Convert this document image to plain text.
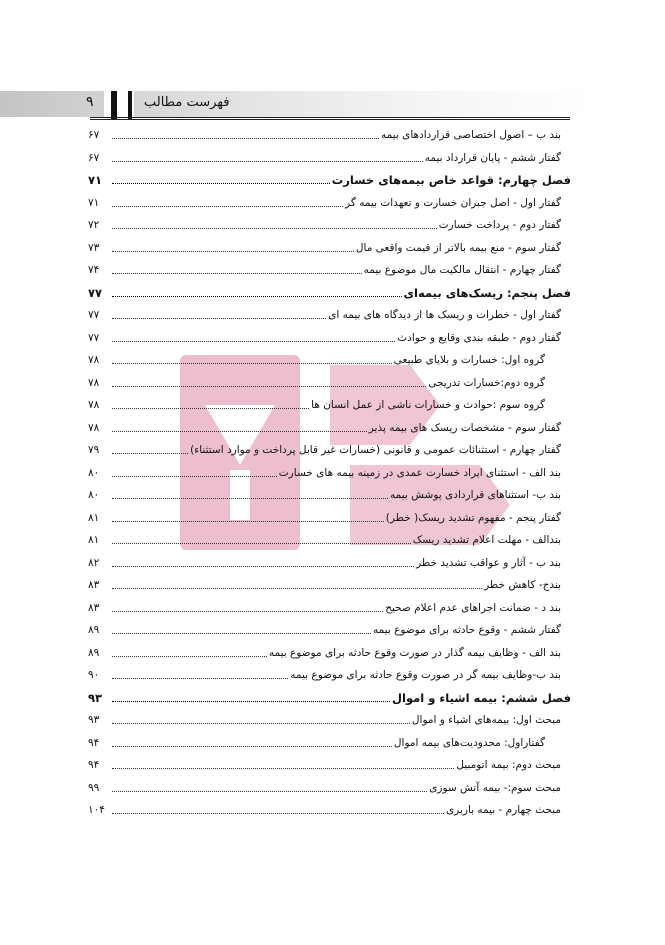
۹	فهرست مطالب
بند ب – اصول اختصاصی قراردادهای بیمه
۶۷
گفتار ششم - پایان قرارداد بیمه
۶۷
فصل چهارم: قواعد خاص بیمه‌های خسارت
۷۱
گفتار اول - اصل جبران خسارت و تعهدات بیمه گر
۷۱
گفتار دوم - پرداخت خسارت
۷۲
گفتار سوم - منع بیمه بالاتر از قیمت واقعی مال
۷۳
گفتار چهارم - انتقال مالکیت مال موضوع بیمه
۷۴
فصل پنجم: ریسک‌های بیمه‌ای
۷۷
گفتار اول - خطرات و ریسک ها از دیدگاه های بیمه ای
۷۷
گفتار دوم - طبقه بندی وقایع و حوادث
۷۷
گروه اول: خسارات و بلایای طبیعی
۷۸
گروه دوم:خسارات تدریجی
۷۸
گروه سوم :حوادث و خسارات ناشی از عمل انسان ها
۷۸
گفتار سوم - مشخصات ریسک های بیمه پذیر
۷۸
گفتار چهارم - استثنائات عمومی و قانونی (خسارات غیر قابل پرداخت و موارد استثناء)
۷۹
بند الف - استثنای ایراد خسارت عمدی در زمینه بیمه های خسارت
۸۰
بند ب- استثناهای قراردادی پوشش بیمه
۸۰
گفتار پنجم - مفهوم تشدید ریسک( خطر)
۸۱
بندالف - مهلت اعلام تشدید ریسک
۸۱
بند ب - آثار و عواقب تشدید خطر
۸۲
بندج- کاهش خطر
۸۳
بند د - ضمانت اجراهای عدم اعلام صحیح
۸۳
گفتار ششم - وقوع حادثه برای موضوع بیمه
۸۹
بند الف - وظایف بیمه گذار در صورت وقوع حادثه برای موضوع بیمه
۸۹
بند ب-وظایف بیمه گر در صورت وقوع حادثه برای موضوع بیمه
۹۰
فصل ششم: بیمه اشیاء و اموال
۹۳
مبحث اول: بیمه‌های اشیاء و اموال
۹۳
گفتاراول: محدودیت‌های بیمه اموال
۹۴
مبحث دوم: بیمه اتومبیل
۹۴
مبحث سوم:- بیمه آتش سوزی
۹۹
مبحث چهارم - بیمه باربری
۱۰۴
